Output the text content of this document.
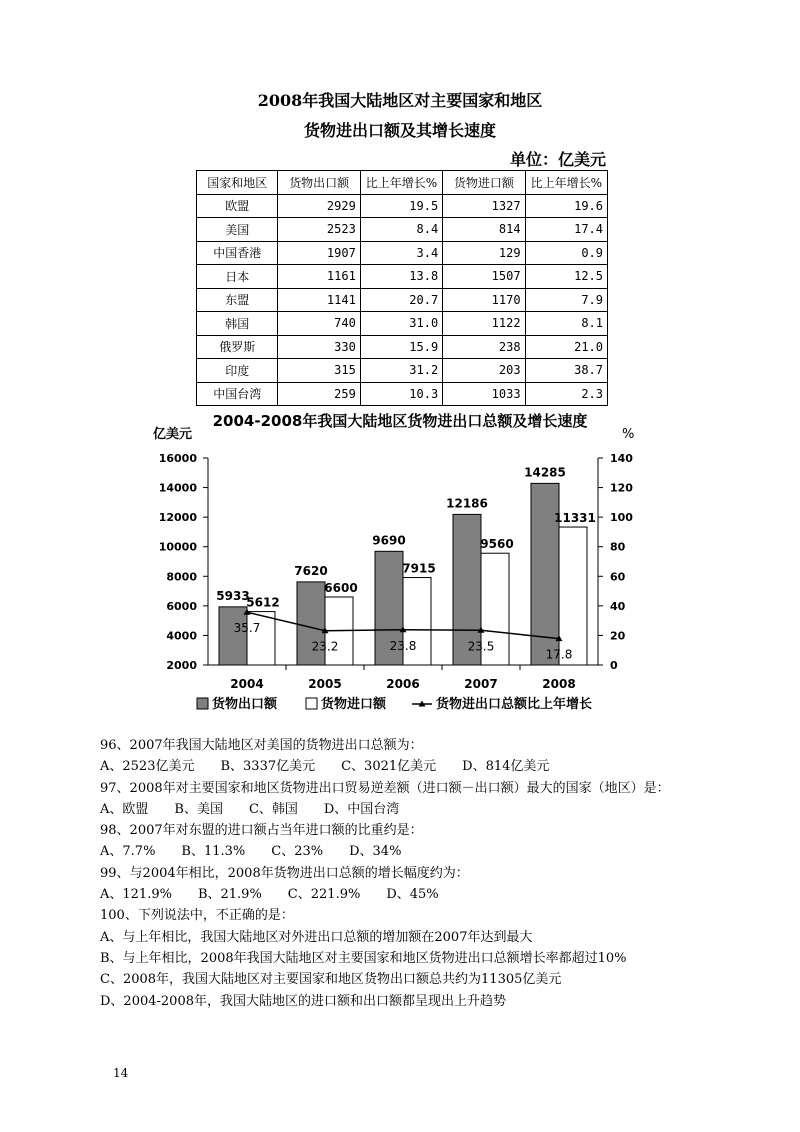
2008年我国大陆地区对主要国家和地区
货物进出口额及其增长速度
单位：亿美元
国家和地区	货物出口额	比上年增长%	货物进口额	比上年增长%
欧盟	2929	19.5	1327	19.6
美国	2523	8.4	814	17.4
中国香港	1907	3.4	129	0.9
日本	1161	13.8	1507	12.5
东盟	1141	20.7	1170	7.9
韩国	740	31.0	1122	8.1
俄罗斯	330	15.9	238	21.0
印度	315	31.2	203	38.7
中国台湾	259	10.3	1033	2.3
2004-2008年我国大陆地区货物进出口总额及增长速度
亿美元	%
2000
4000
6000
8000
10000
12000
14000
16000
0
20
40
60
80
100
120
140
2004
5933
5612
2005
7620
6600
2006
9690
7915
2007
12186
9560
2008
14285
11331
35.7
23.2	23.8	23.5
17.8
货物出口额	货物进口额	货物进出口总额比上年增长
96、2007年我国大陆地区对美国的货物进出口总额为：
A、2523亿美元　　B、3337亿美元　　C、3021亿美元　　D、814亿美元
97、2008年对主要国家和地区货物进出口贸易逆差额（进口额－出口额）最大的国家（地区）是：
A、欧盟　　B、美国　　C、韩国　　D、中国台湾
98、2007年对东盟的进口额占当年进口额的比重约是：
A、7.7%　　B、11.3%　　C、23%　　D、34%
99、与2004年相比，2008年货物进出口总额的增长幅度约为：
A、121.9%　　B、21.9%　　C、221.9%　　D、45%
100、下列说法中，不正确的是：
A、与上年相比，我国大陆地区对外进出口总额的增加额在2007年达到最大
B、与上年相比，2008年我国大陆地区对主要国家和地区货物进出口总额增长率都超过10%
C、2008年，我国大陆地区对主要国家和地区货物出口额总共约为11305亿美元
D、2004-2008年，我国大陆地区的进口额和出口额都呈现出上升趋势
14
